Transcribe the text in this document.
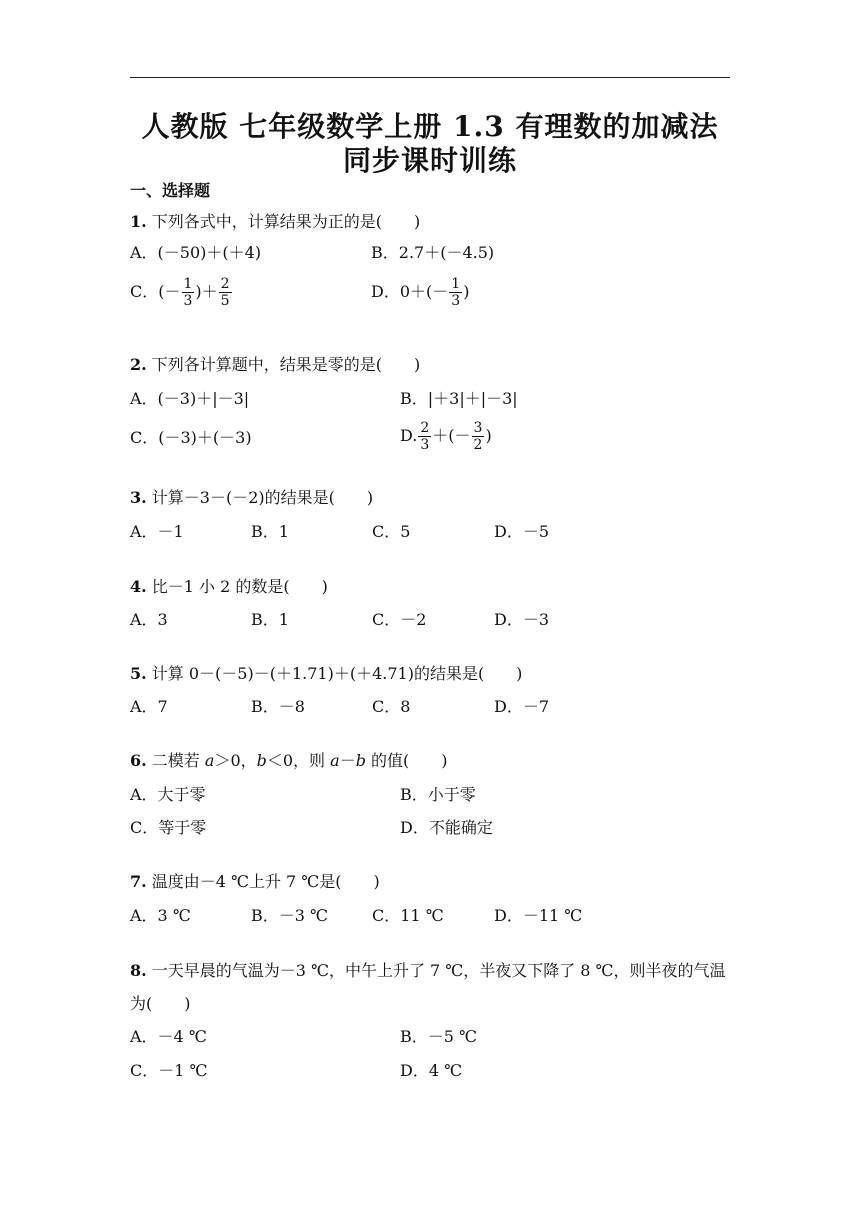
人教版 七年级数学上册 1.3 有理数的加减法
同步课时训练
一、选择题
1. 下列各式中，计算结果为正的是(　　)
A．(－50)＋(＋4)	B．2.7＋(－4.5)
C．(－ $\frac{1}{3}$ )＋ $\frac{2}{5}$	D．$0+(- \frac{1}{3}$ )
2. 下列各计算题中，结果是零的是(　　)
A．(－3)＋|－3|	B．|＋3|＋|－3|
C．(－3)＋(－3)	D. $\frac{2}{3}$ ＋(－ $\frac{3}{2}$ )
3. 计算－3－(－2)的结果是(　　)
A．－1	B．1	C．5	D．－5
4. 比－1 小 2 的数是(　　)
A．3	B．1	C．－2	D．－3
5. 计算 0－(－5)－(＋1.71)＋(＋4.71)的结果是(　　)
A．7	B．－8	C．8	D．－7
6. 二模若 a＞0，b＜0，则 a－b 的值(　　)
A．大于零	B．小于零
C．等于零	D．不能确定
7. 温度由－4 ℃上升 7 ℃是(　　)
A．3 ℃	B．－3 ℃	C．11 ℃	D．－11 ℃
8. 一天早晨的气温为－3 ℃，中午上升了 7 ℃，半夜又下降了 8 ℃，则半夜的气温为(　　)
A．－4 ℃	B．－5 ℃
C．－1 ℃	D．4 ℃
